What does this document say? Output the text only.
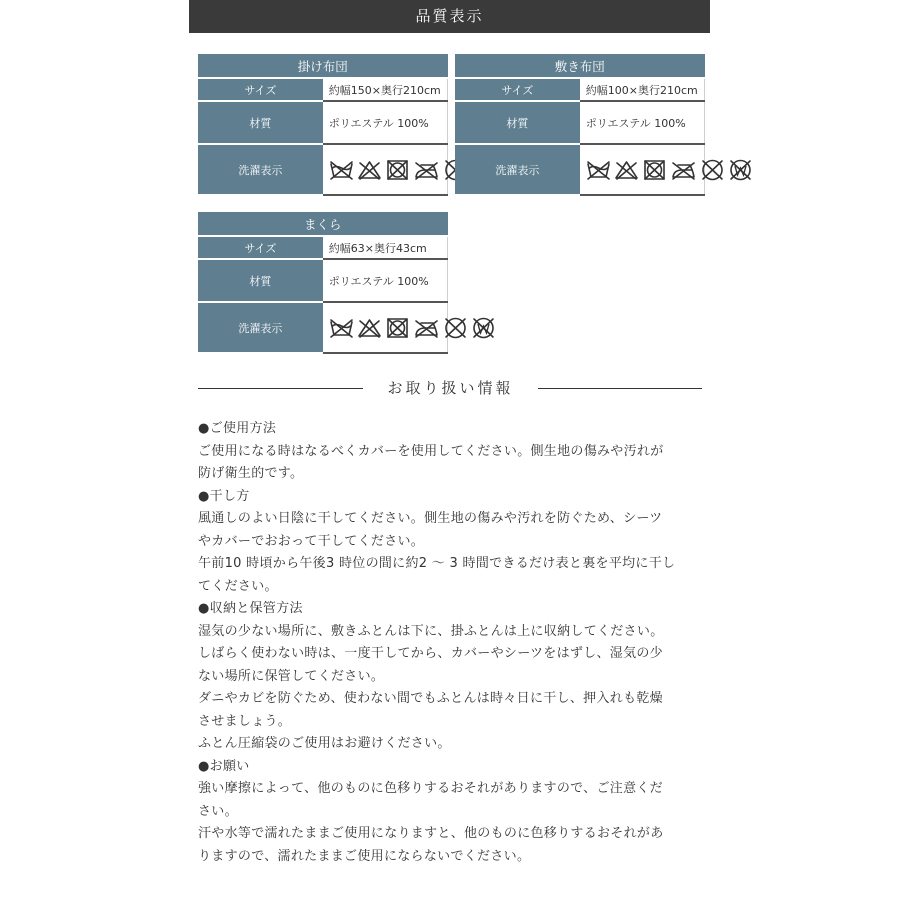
品質表示
掛け布団	
サイズ	約幅150×奥行210cm
材質	ポリエステル 100%
洗濯表示	
敷き布団	
サイズ	約幅100×奥行210cm
材質	ポリエステル 100%
洗濯表示	
まくら	
サイズ	約幅63×奥行43cm
材質	ポリエステル 100%
洗濯表示	
お取り扱い情報

●ご使用方法

ご使用になる時はなるべくカバーを使用してください。側生地の傷みや汚れが

防げ衛生的です。

●干し方

風通しのよい日陰に干してください。側生地の傷みや汚れを防ぐため、シーツ

やカバーでおおって干してください。

午前10 時頃から午後3 時位の間に約2 〜 3 時間できるだけ表と裏を平均に干し

てください。

●収納と保管方法

湿気の少ない場所に、敷きふとんは下に、掛ふとんは上に収納してください。

しばらく使わない時は、一度干してから、カバーやシーツをはずし、湿気の少

ない場所に保管してください。

ダニやカビを防ぐため、使わない間でもふとんは時々日に干し、押入れも乾燥

させましょう。

ふとん圧縮袋のご使用はお避けください。

●お願い

強い摩擦によって、他のものに色移りするおそれがありますので、ご注意くだ

さい。

汗や水等で濡れたままご使用になりますと、他のものに色移りするおそれがあ

りますので、濡れたままご使用にならないでください。
